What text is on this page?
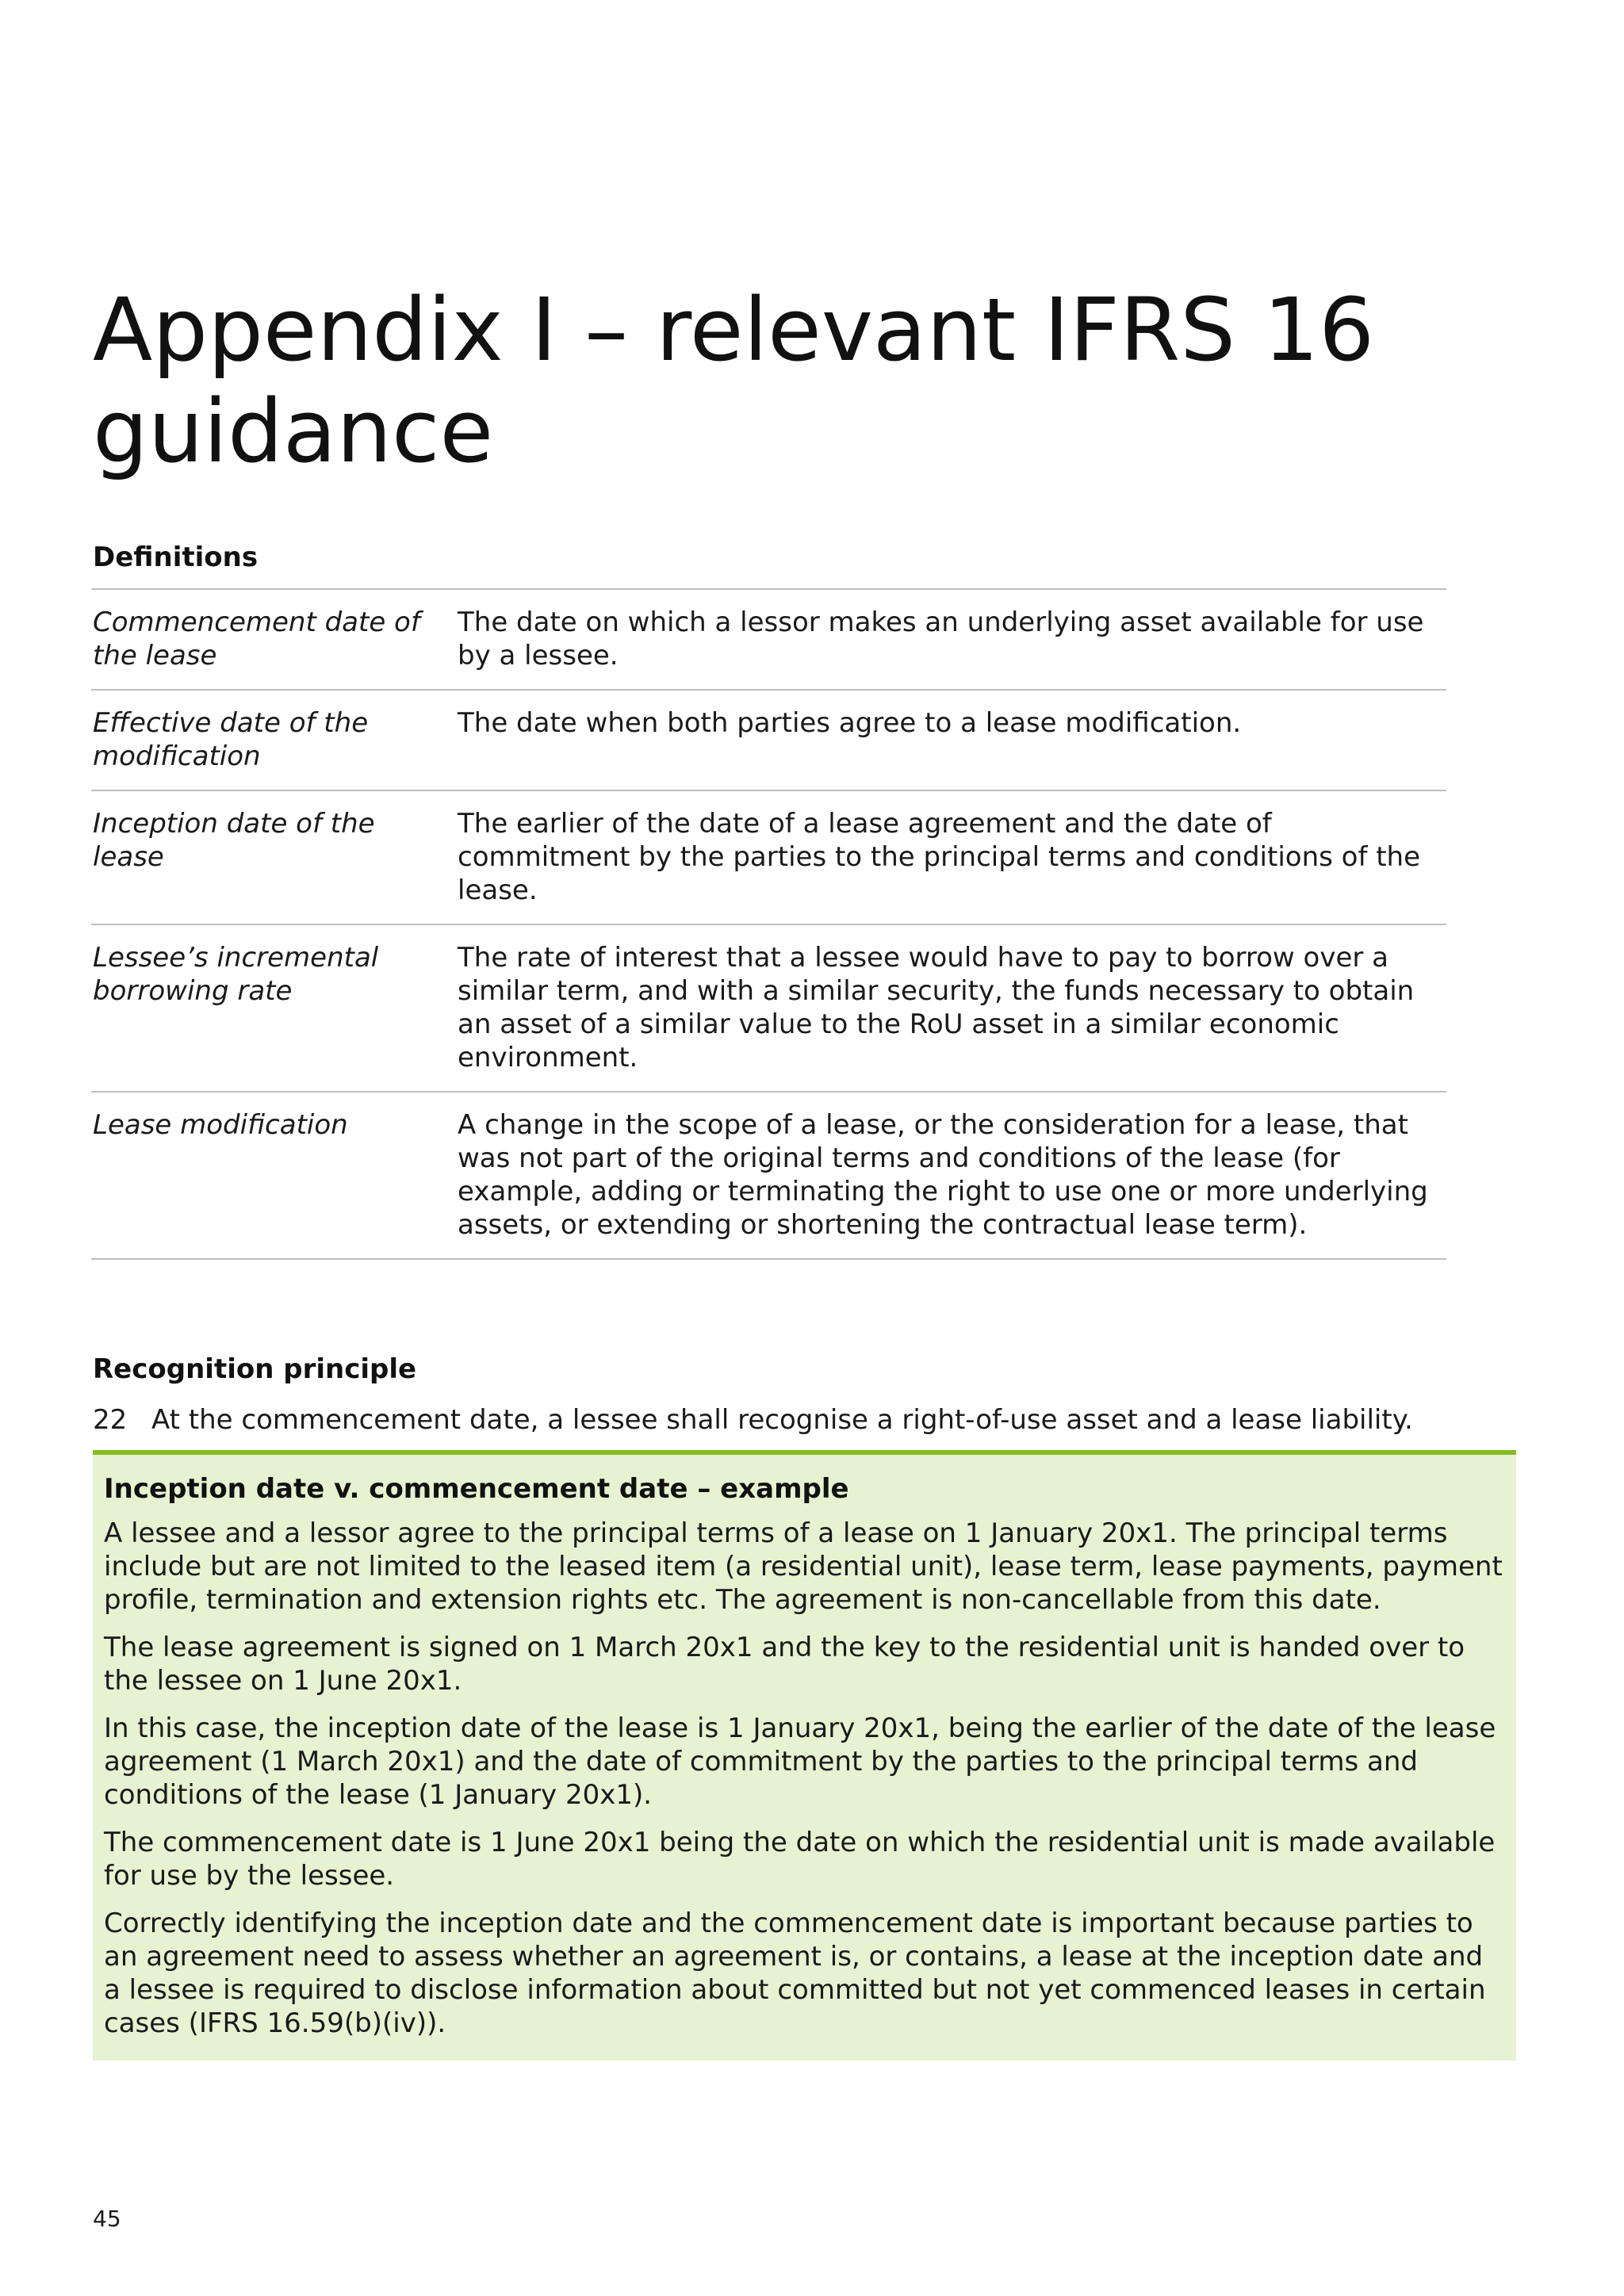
Appendix I – relevant IFRS 16 guidance
Definitions
Commencement date of the lease
The date on which a lessor makes an underlying asset available for use by a lessee.
Effective date of the modification
The date when both parties agree to a lease modification.
Inception date of the lease
The earlier of the date of a lease agreement and the date of commitment by the parties to the principal terms and conditions of the lease.
Lessee’s incremental borrowing rate
The rate of interest that a lessee would have to pay to borrow over a similar term, and with a similar security, the funds necessary to obtain an asset of a similar value to the RoU asset in a similar economic environment.
Lease modification	A change in the scope of a lease, or the consideration for a lease, that was not part of the original terms and conditions of the lease (for example, adding or terminating the right to use one or more underlying assets, or extending or shortening the contractual lease term).
Recognition principle
22 At the commencement date, a lessee shall recognise a right-of-use asset and a lease liability.

Inception date v. commencement date – example

A lessee and a lessor agree to the principal terms of a lease on 1 January 20x1. The principal terms include but are not limited to the leased item (a residential unit), lease term, lease payments, payment profile, termination and extension rights etc. The agreement is non-cancellable from this date.

The lease agreement is signed on 1 March 20x1 and the key to the residential unit is handed over to the lessee on 1 June 20x1.

In this case, the inception date of the lease is 1 January 20x1, being the earlier of the date of the lease agreement (1 March 20x1) and the date of commitment by the parties to the principal terms and conditions of the lease (1 January 20x1).

The commencement date is 1 June 20x1 being the date on which the residential unit is made available for use by the lessee.

Correctly identifying the inception date and the commencement date is important because parties to an agreement need to assess whether an agreement is, or contains, a lease at the inception date and a lessee is required to disclose information about committed but not yet commenced leases in certain cases (IFRS 16.59(b)(iv)).

45
